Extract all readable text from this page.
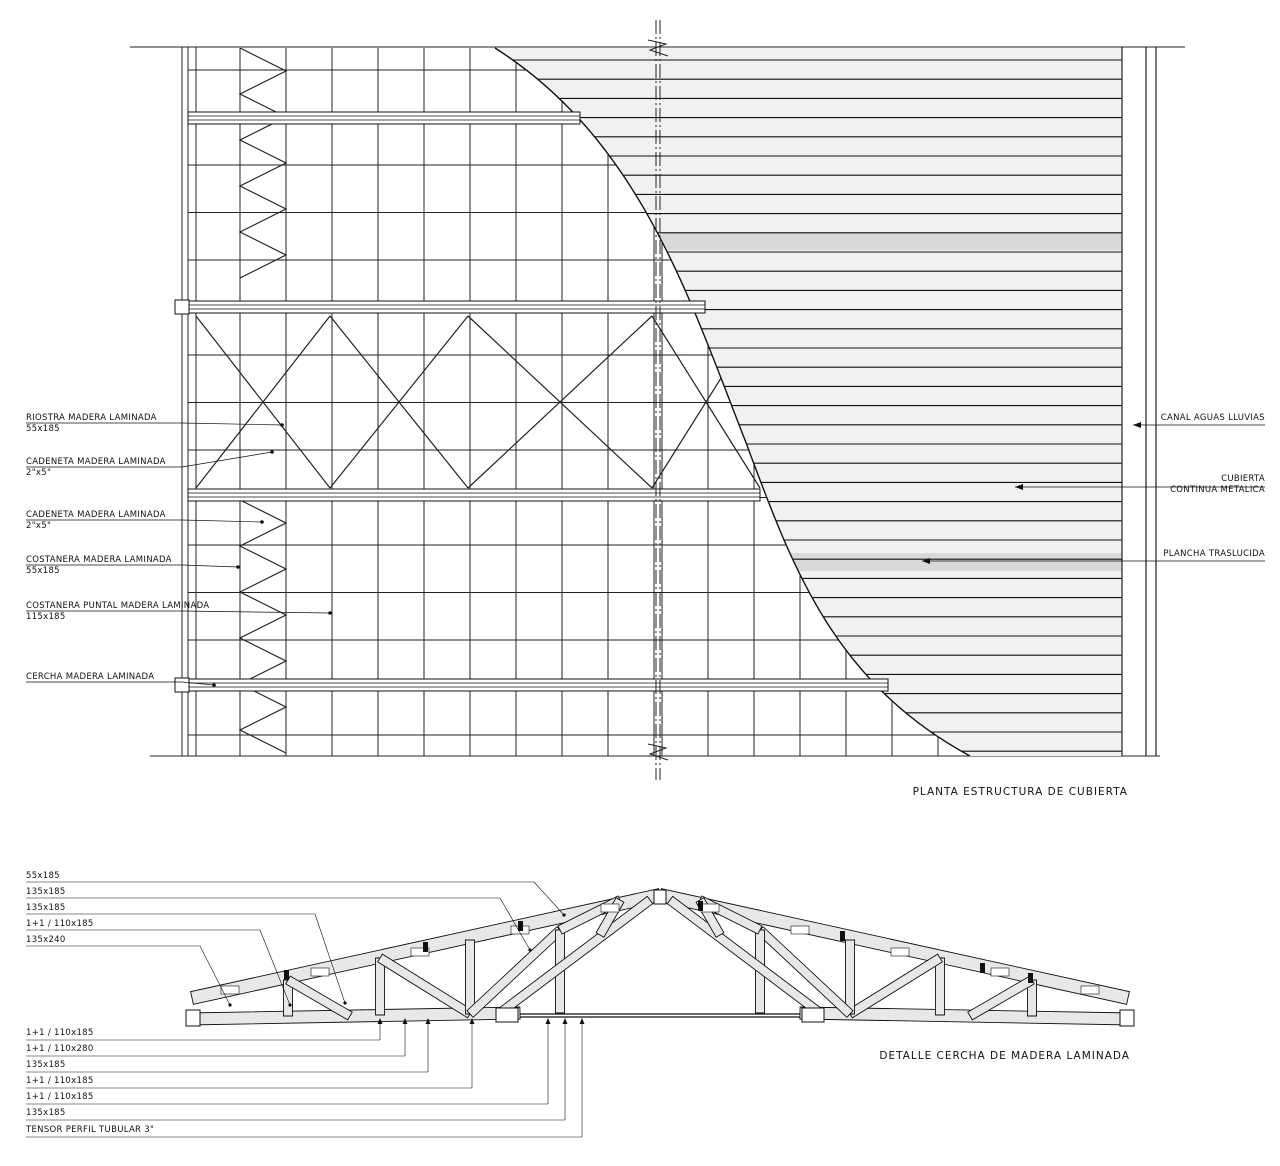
RIOSTRA MADERA LAMINADA
55x185
CADENETA MADERA LAMINADA
2"x5"
CADENETA MADERA LAMINADA
2"x5"
COSTANERA MADERA LAMINADA
55x185
COSTANERA PUNTAL MADERA LAMINADA
115x185
CERCHA MADERA LAMINADA
CANAL AGUAS LLUVIAS
CUBIERTA
CONTINUA METALICA
PLANCHA TRASLUCIDA
PLANTA ESTRUCTURA DE CUBIERTA
55x185
135x185
135x185
1+1 / 110x185
135x240
1+1 / 110x185
1+1 / 110x280
135x185
1+1 / 110x185
1+1 / 110x185
135x185
TENSOR PERFIL TUBULAR 3"
DETALLE CERCHA DE MADERA LAMINADA
